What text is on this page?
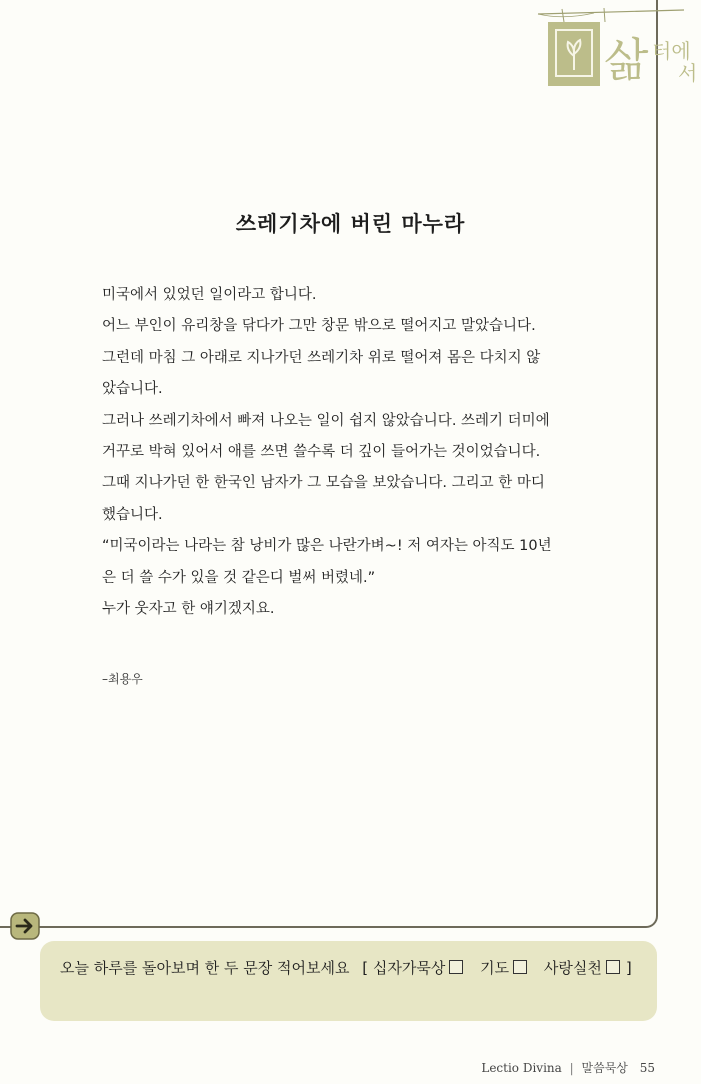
삶 터에
서
쓰레기차에 버린 마누라
미국에서 있었던 일이라고 합니다.
어느 부인이 유리창을 닦다가 그만 창문 밖으로 떨어지고 말았습니다.
그런데 마침 그 아래로 지나가던 쓰레기차 위로 떨어져 몸은 다치지 않
았습니다.
그러나 쓰레기차에서 빠져 나오는 일이 쉽지 않았습니다. 쓰레기 더미에
거꾸로 박혀 있어서 애를 쓰면 쓸수록 더 깊이 들어가는 것이었습니다.
그때 지나가던 한 한국인 남자가 그 모습을 보았습니다. 그리고 한 마디
했습니다.
“미국이라는 나라는 참 낭비가 많은 나란가벼~! 저 여자는 아직도 10년
은 더 쓸 수가 있을 것 같은디 벌써 버렸네.”
누가 웃자고 한 얘기겠지요.
–최용우
오늘 하루를 돌아보며 한 두 문장 적어보세요 [ 십자가묵상 기도 사랑실천 ]
Lectio Divina | 말씀묵상 55
